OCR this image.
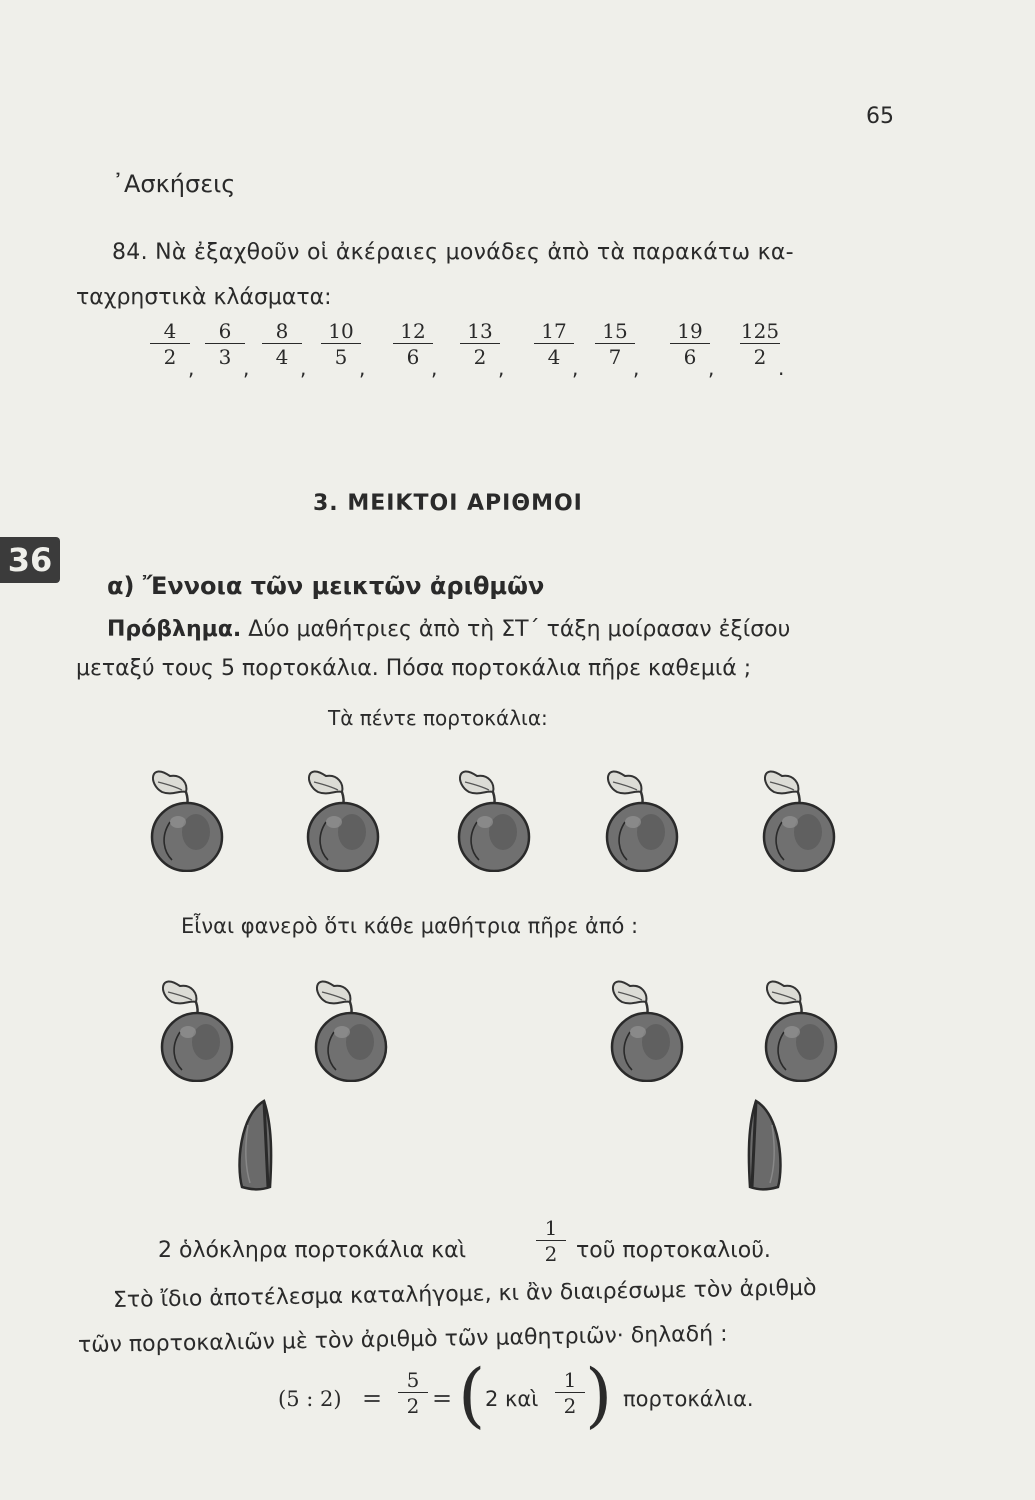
65
᾽Ασκήσεις
84. Νὰ ἐξαχθοῦν οἱ ἀκέραιες μονάδες ἀπὸ τὰ παρακάτω κα-
ταχρηστικὰ κλάσματα:
$\frac{4}{2}$
, $\frac{6}{3}$
, $\frac{8}{4}$
, $\frac{10}{5}$
, $\frac{12}{6}$
, $\frac{13}{2}$
, $\frac{17}{4}$
, $\frac{15}{7}$
, $\frac{19}{6}$
, $\frac{125}{2}$
.
3. ΜΕΙΚΤΟΙ ΑΡΙΘΜΟΙ
36
α) Ἔννοια τῶν μεικτῶν ἀριθμῶν
Πρόβλημα. Δύο μαθήτριες ἀπὸ τὴ ΣΤ΄ τάξη μοίρασαν ἐξίσου
μεταξύ τους 5 πορτοκάλια. Πόσα πορτοκάλια πῆρε καθεμιά ;
Τὰ πέντε πορτοκάλια:
Εἶναι φανερὸ ὅτι κάθε μαθήτρια πῆρε ἀπό :
2 ὁλόκληρα πορτοκάλια καὶ	$\frac{1}{2}$ τοῦ πορτοκαλιοῦ.
Στὸ ἴδιο ἀποτέλεσμα καταλήγομε, κι ἂν διαιρέσωμε τὸν ἀριθμὸ
τῶν πορτοκαλιῶν μὲ τὸν ἀριθμὸ τῶν μαθητριῶν· δηλαδή :
(5 : $2) = \frac{5}{2}$ = ( 2 καὶ $\frac{1}{2}$ ) πορτοκάλια.
